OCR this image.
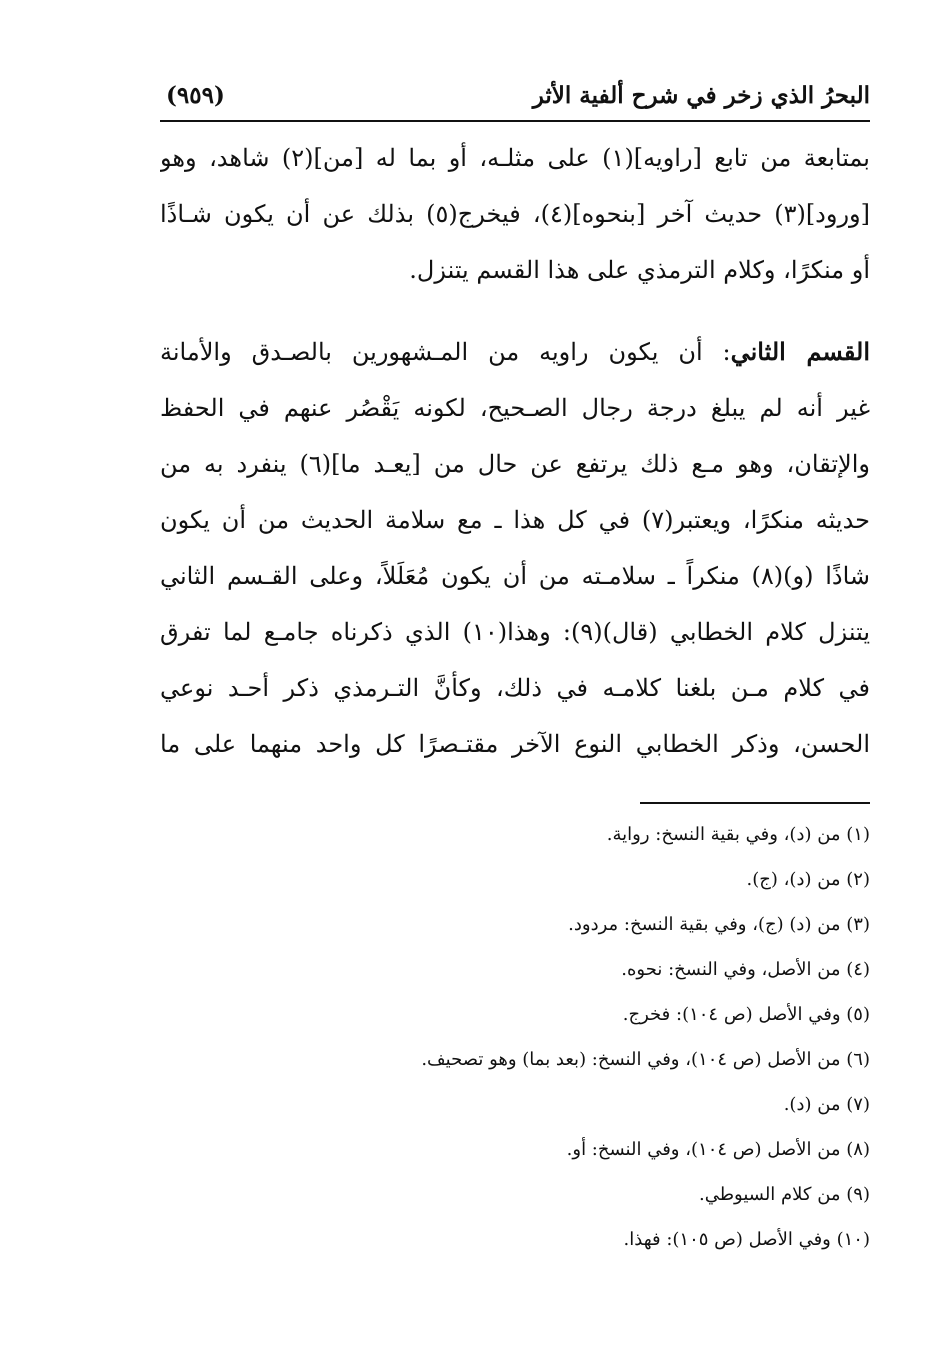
البحرُ الذي زخر في شرح ألفية الأثر
(٩٥٩)
بمتابعة من تابع [راويه](١) على مثلـه، أو بما له [من](٢) شاهد، وهو
[ورود](٣) حديث آخر [بنحوه](٤)، فيخرج(٥) بذلك عن أن يكون شـاذًا
أو منكرًا، وكلام الترمذي على هذا القسم يتنزل.
القسم الثاني: أن يكون راويه من المـشهورين بالصـدق والأمانة
غير أنه لم يبلغ درجة رجال الصـحيح، لكونه يَقْصُر عنهم في الحفظ
والإتقان، وهو مـع ذلك يرتفع عن حال من [يعـد ما](٦) ينفرد به من
حديثه منكرًا، ويعتبر(٧) في كل هذا ـ مع سلامة الحديث من أن يكون
شاذًا (و)(٨) منكراً ـ سلامـته من أن يكون مُعَلَلاً، وعلى القـسم الثاني
يتنزل كلام الخطابي (قال)(٩): وهذا(١٠) الذي ذكرناه جامـع لما تفرق
في كلام مـن بلغنا كلامـه في ذلك، وكأنَّ التـرمذي ذكر أحـد نوعي
الحسن، وذكر الخطابي النوع الآخر مقتـصرًا كل واحد منهما على ما
(١) من (د)، وفي بقية النسخ: رواية.
(٢) من (د)، (ج).
(٣) من (د) (ج)، وفي بقية النسخ: مردود.
(٤) من الأصل، وفي النسخ: نحوه.
(٥) وفي الأصل (ص ١٠٤): فخرج.
(٦) من الأصل (ص ١٠٤)، وفي النسخ: (بعد بما) وهو تصحيف.
(٧) من (د).
(٨) من الأصل (ص ١٠٤)، وفي النسخ: أو.
(٩) من كلام السيوطي.
(١٠) وفي الأصل (ص ١٠٥): فهذا.
